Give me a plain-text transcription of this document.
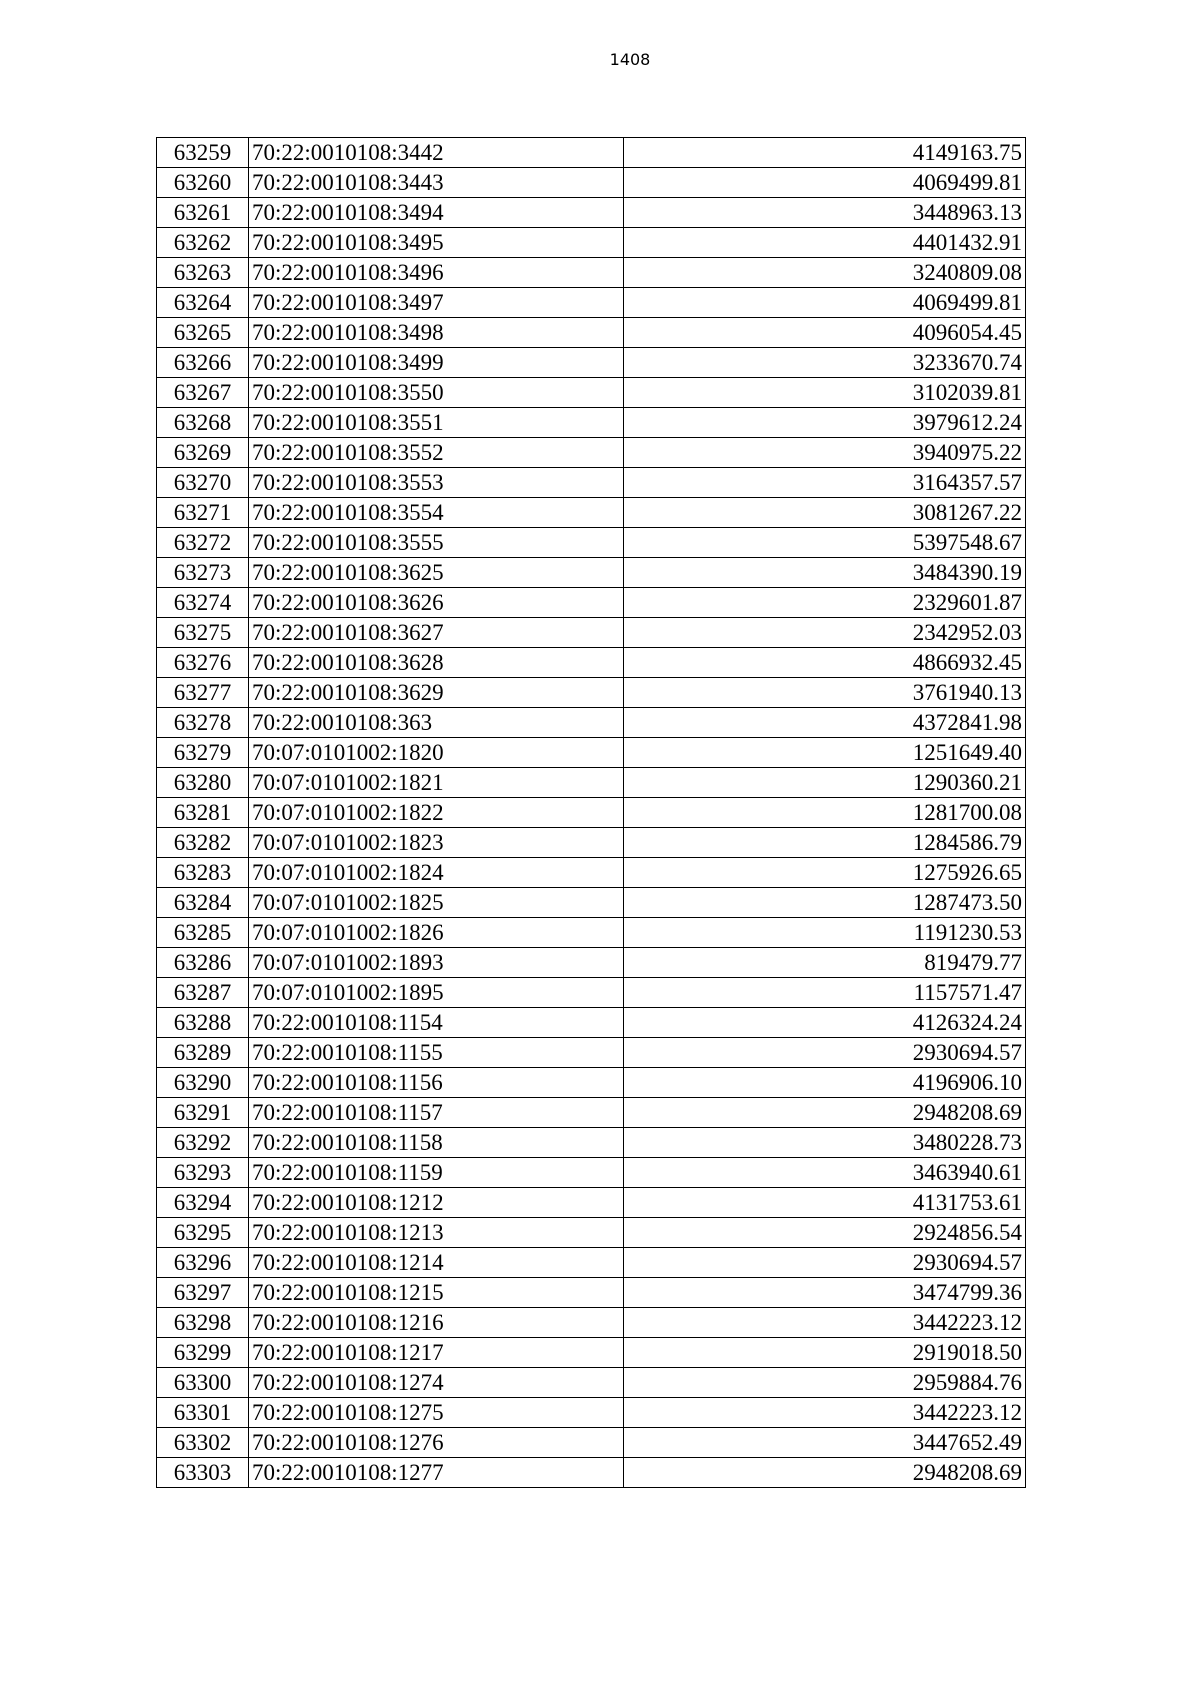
1408
63259	70:22:0010108:3442	4149163.75
63260	70:22:0010108:3443	4069499.81
63261	70:22:0010108:3494	3448963.13
63262	70:22:0010108:3495	4401432.91
63263	70:22:0010108:3496	3240809.08
63264	70:22:0010108:3497	4069499.81
63265	70:22:0010108:3498	4096054.45
63266	70:22:0010108:3499	3233670.74
63267	70:22:0010108:3550	3102039.81
63268	70:22:0010108:3551	3979612.24
63269	70:22:0010108:3552	3940975.22
63270	70:22:0010108:3553	3164357.57
63271	70:22:0010108:3554	3081267.22
63272	70:22:0010108:3555	5397548.67
63273	70:22:0010108:3625	3484390.19
63274	70:22:0010108:3626	2329601.87
63275	70:22:0010108:3627	2342952.03
63276	70:22:0010108:3628	4866932.45
63277	70:22:0010108:3629	3761940.13
63278	70:22:0010108:363	4372841.98
63279	70:07:0101002:1820	1251649.40
63280	70:07:0101002:1821	1290360.21
63281	70:07:0101002:1822	1281700.08
63282	70:07:0101002:1823	1284586.79
63283	70:07:0101002:1824	1275926.65
63284	70:07:0101002:1825	1287473.50
63285	70:07:0101002:1826	1191230.53
63286	70:07:0101002:1893	819479.77
63287	70:07:0101002:1895	1157571.47
63288	70:22:0010108:1154	4126324.24
63289	70:22:0010108:1155	2930694.57
63290	70:22:0010108:1156	4196906.10
63291	70:22:0010108:1157	2948208.69
63292	70:22:0010108:1158	3480228.73
63293	70:22:0010108:1159	3463940.61
63294	70:22:0010108:1212	4131753.61
63295	70:22:0010108:1213	2924856.54
63296	70:22:0010108:1214	2930694.57
63297	70:22:0010108:1215	3474799.36
63298	70:22:0010108:1216	3442223.12
63299	70:22:0010108:1217	2919018.50
63300	70:22:0010108:1274	2959884.76
63301	70:22:0010108:1275	3442223.12
63302	70:22:0010108:1276	3447652.49
63303	70:22:0010108:1277	2948208.69
